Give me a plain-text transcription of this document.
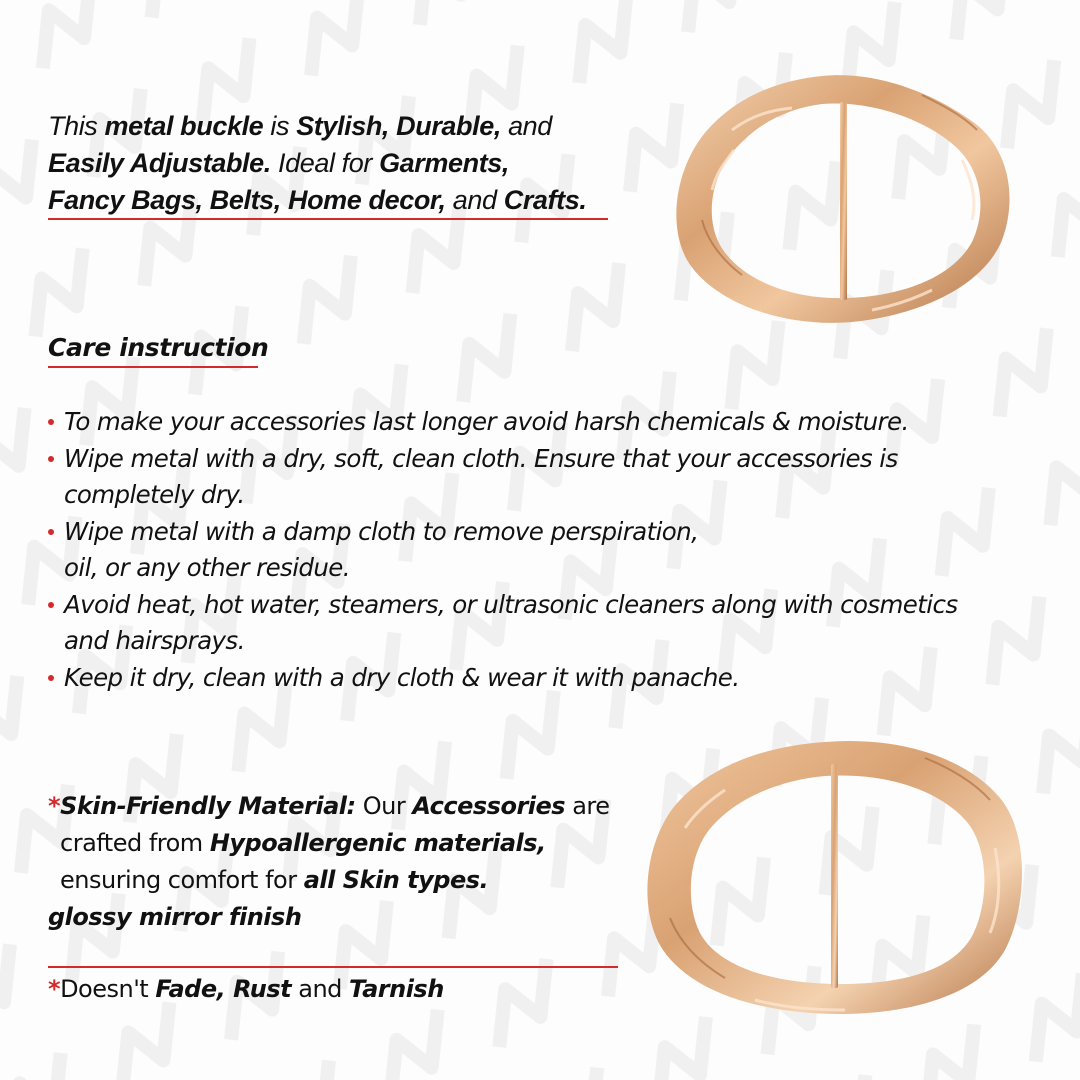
This metal buckle is Stylish, Durable, and
Easily Adjustable. Ideal for Garments,
Fancy Bags, Belts, Home decor, and Crafts.
Care instruction
To make your accessories last longer avoid harsh chemicals & moisture.
Wipe metal with a dry, soft, clean cloth. Ensure that your accessories is
completely dry.
Wipe metal with a damp cloth to remove perspiration,
oil, or any other residue.
Avoid heat, hot water, steamers, or ultrasonic cleaners along with cosmetics
and hairsprays.
Keep it dry, clean with a dry cloth & wear it with panache.
*Skin-Friendly Material: Our Accessories are
crafted from Hypoallergenic materials,
ensuring comfort for all Skin types.
glossy mirror finish
*Doesn't Fade, Rust and Tarnish
